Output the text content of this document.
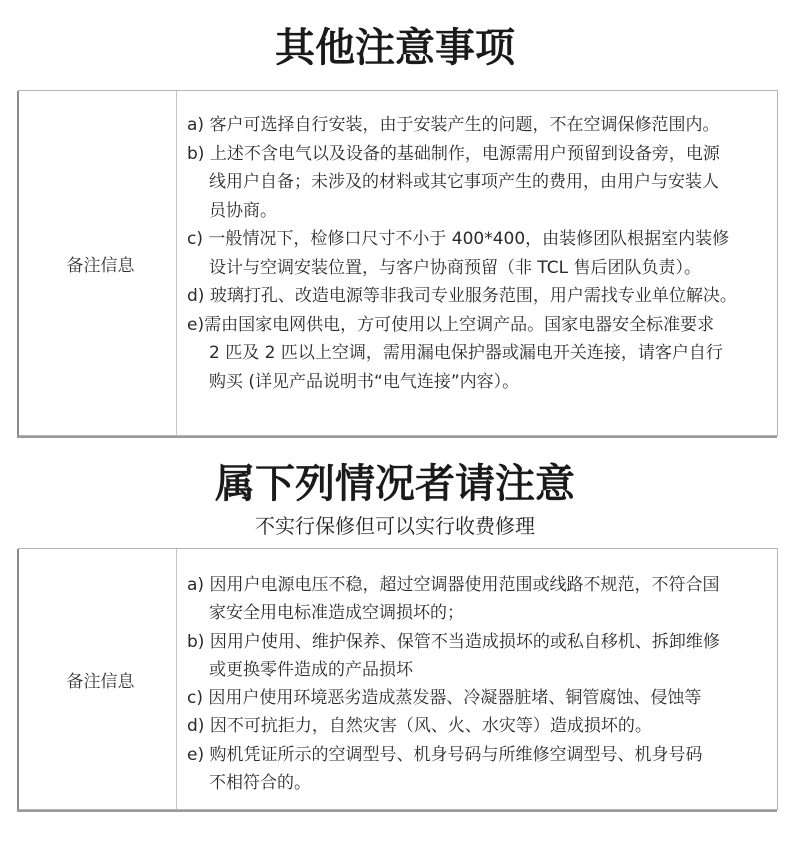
其他注意事项
备注信息
a) 客户可选择自行安装，由于安装产生的问题，不在空调保修范围内。
b) 上述不含电气以及设备的基础制作，电源需用户预留到设备旁，电源
线用户自备；未涉及的材料或其它事项产生的费用，由用户与安装人
员协商。
c) 一般情况下，检修口尺寸不小于 400*400，由装修团队根据室内装修
设计与空调安装位置，与客户协商预留（非 TCL 售后团队负责）。
d) 玻璃打孔、改造电源等非我司专业服务范围，用户需找专业单位解决。
e)需由国家电网供电，方可使用以上空调产品。国家电器安全标准要求
2 匹及 2 匹以上空调，需用漏电保护器或漏电开关连接，请客户自行
购买 (详见产品说明书“电气连接”内容）。
属下列情况者请注意
不实行保修但可以实行收费修理
备注信息
a) 因用户电源电压不稳，超过空调器使用范围或线路不规范，不符合国
家安全用电标准造成空调损坏的；
b) 因用户使用、维护保养、保管不当造成损坏的或私自移机、拆卸维修
或更换零件造成的产品损坏
c) 因用户使用环境恶劣造成蒸发器、冷凝器脏堵、铜管腐蚀、侵蚀等
d) 因不可抗拒力，自然灾害（风、火、水灾等）造成损坏的。
e) 购机凭证所示的空调型号、机身号码与所维修空调型号、机身号码
不相符合的。
